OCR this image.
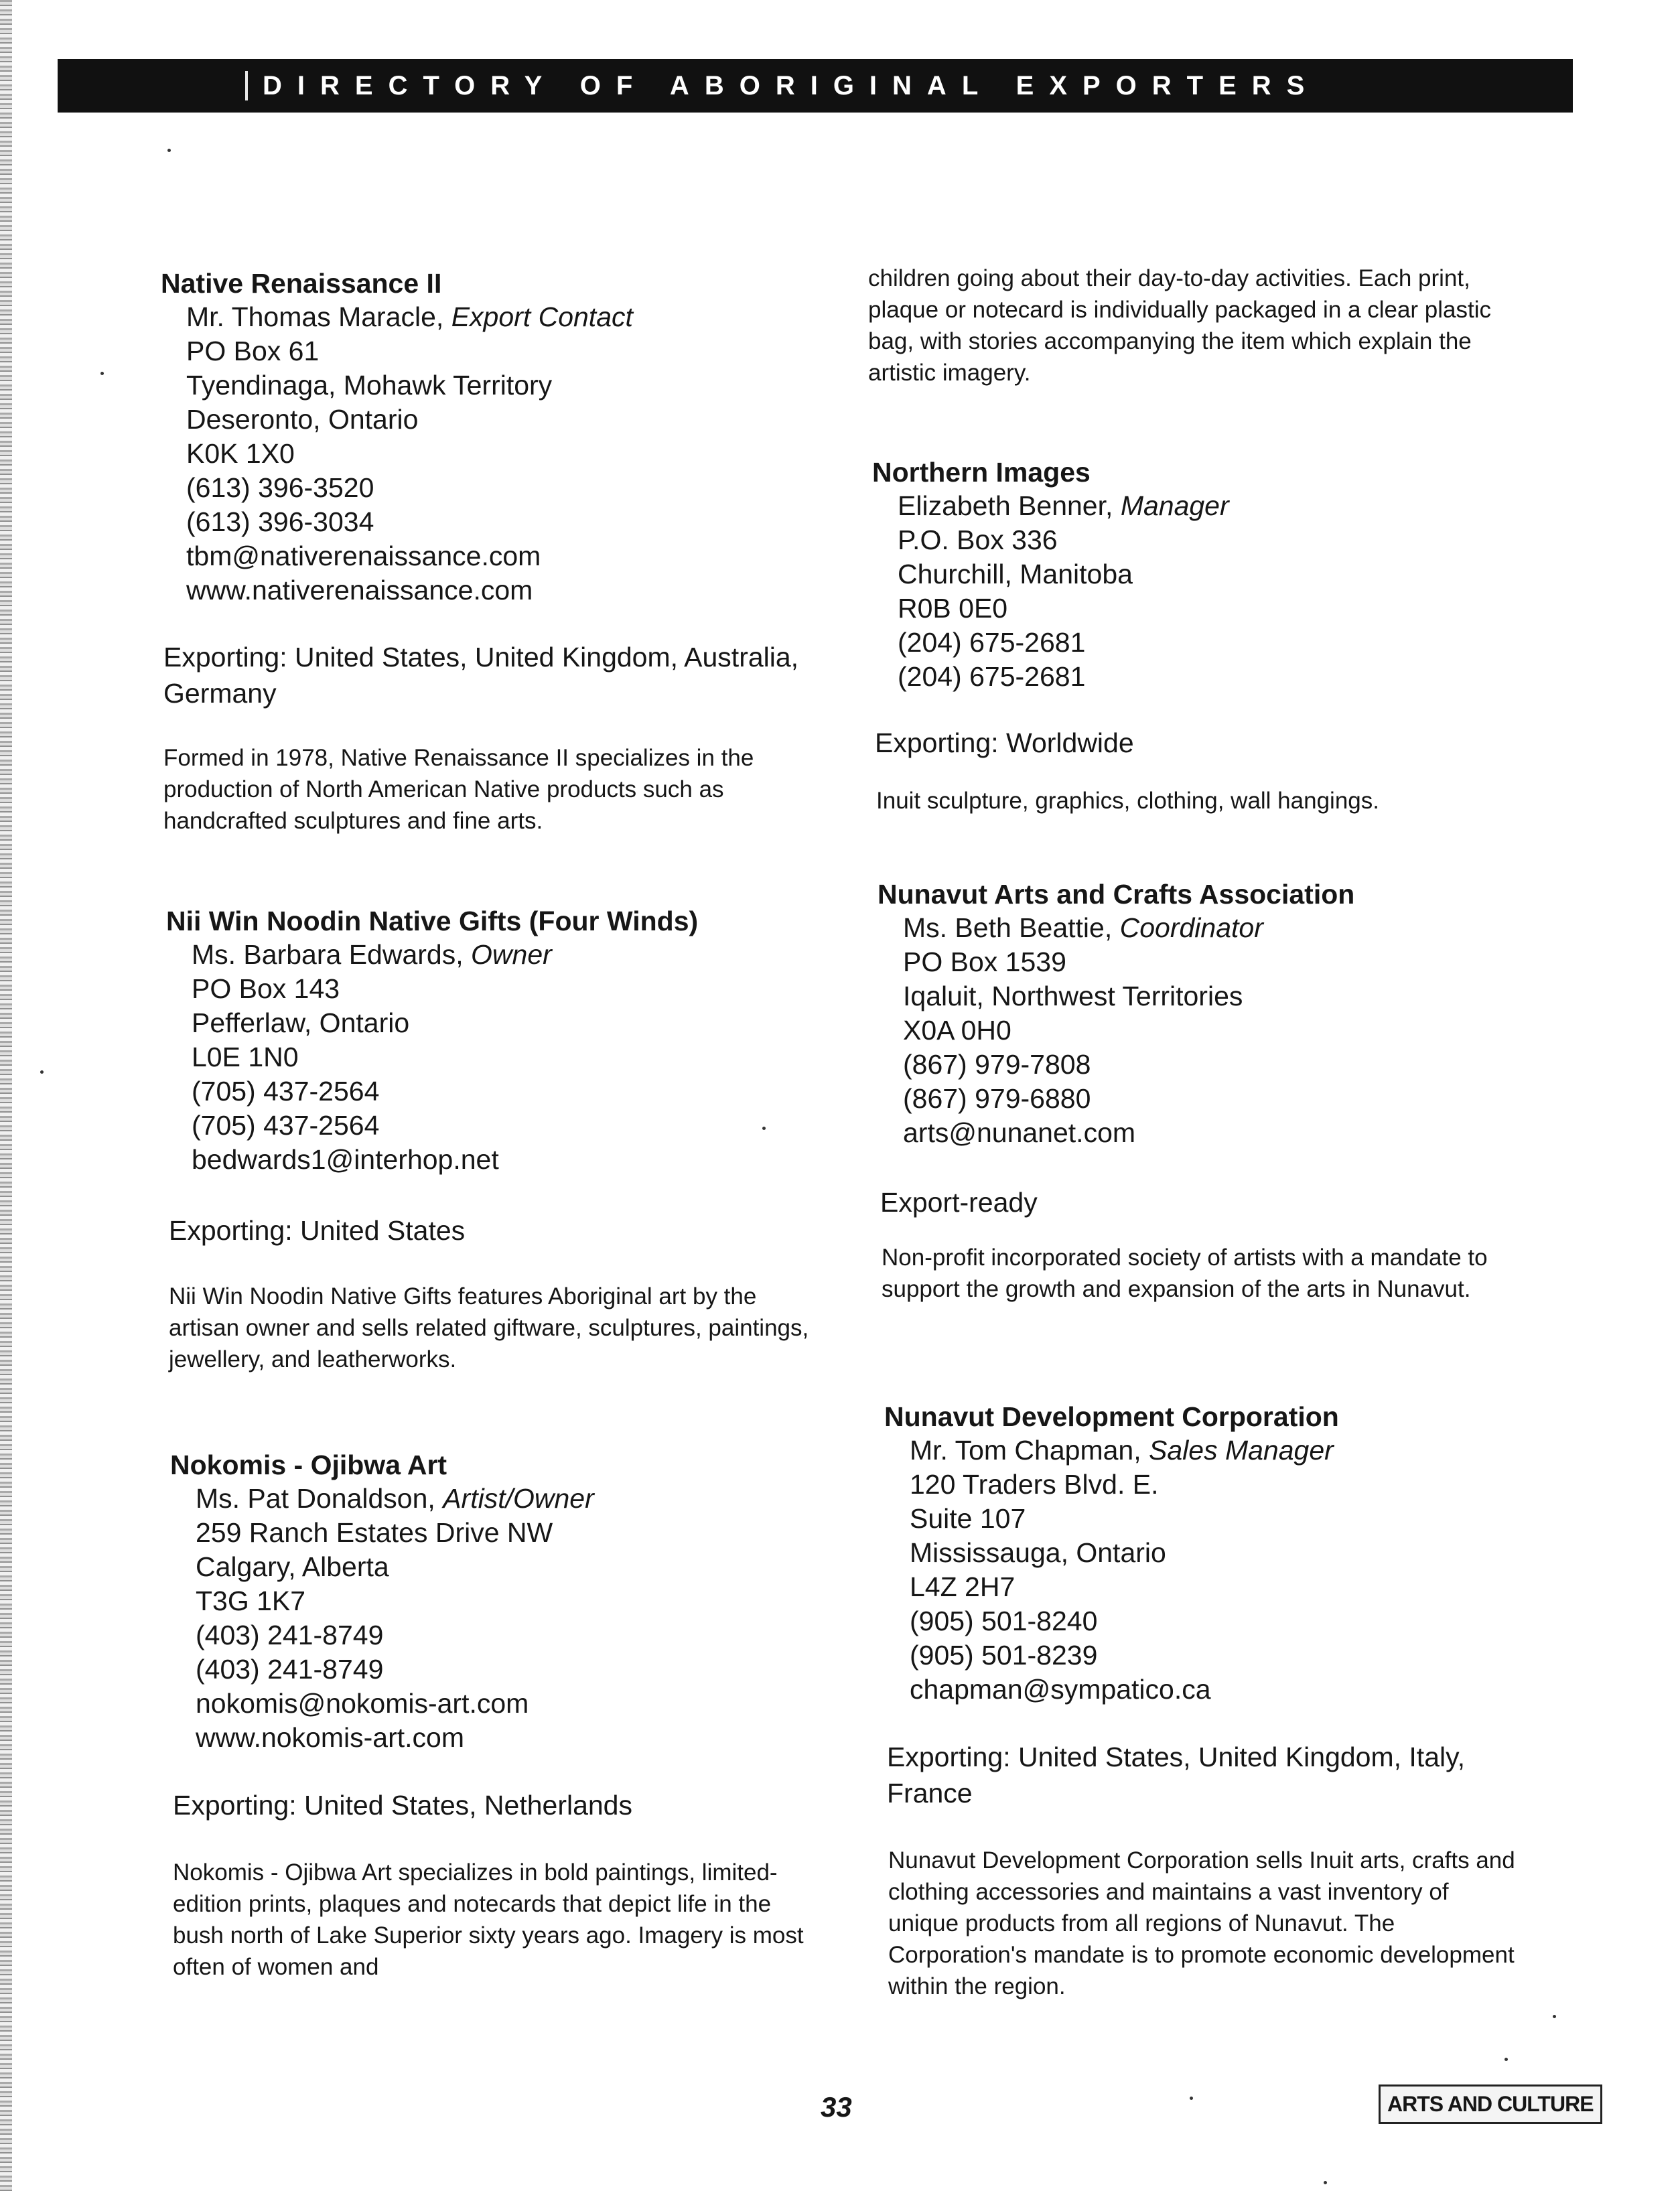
DIRECTORY OF ABORIGINAL EXPORTERS
Native Renaissance II
Mr. Thomas Maracle, Export Contact
PO Box 61
Tyendinaga, Mohawk Territory
Deseronto, Ontario
K0K 1X0
(613) 396-3520
(613) 396-3034
tbm@nativerenaissance.com
www.nativerenaissance.com
Exporting: United States, United Kingdom, Australia, Germany
Formed in 1978, Native Renaissance II specializes in the production of North American Native products such as handcrafted sculptures and fine arts.
Nii Win Noodin Native Gifts (Four Winds)
Ms. Barbara Edwards, Owner
PO Box 143
Pefferlaw, Ontario
L0E 1N0
(705) 437-2564
(705) 437-2564
bedwards1@interhop.net
Exporting: United States
Nii Win Noodin Native Gifts features Aboriginal art by the artisan owner and sells related giftware, sculptures, paintings, jewellery, and leatherworks.
Nokomis - Ojibwa Art
Ms. Pat Donaldson, Artist/Owner
259 Ranch Estates Drive NW
Calgary, Alberta
T3G 1K7
(403) 241-8749
(403) 241-8749
nokomis@nokomis-art.com
www.nokomis-art.com
Exporting: United States, Netherlands
Nokomis - Ojibwa Art specializes in bold paintings, limited-edition prints, plaques and notecards that depict life in the bush north of Lake Superior sixty years ago. Imagery is most often of women and
children going about their day-to-day activities. Each print, plaque or notecard is individually packaged in a clear plastic bag, with stories accompanying the item which explain the artistic imagery.
Northern Images
Elizabeth Benner, Manager
P.O. Box 336
Churchill, Manitoba
R0B 0E0
(204) 675-2681
(204) 675-2681
Exporting: Worldwide
Inuit sculpture, graphics, clothing, wall hangings.
Nunavut Arts and Crafts Association
Ms. Beth Beattie, Coordinator
PO Box 1539
Iqaluit, Northwest Territories
X0A 0H0
(867) 979-7808
(867) 979-6880
arts@nunanet.com
Export-ready
Non-profit incorporated society of artists with a mandate to support the growth and expansion of the arts in Nunavut.
Nunavut Development Corporation
Mr. Tom Chapman, Sales Manager
120 Traders Blvd. E.
Suite 107
Mississauga, Ontario
L4Z 2H7
(905) 501-8240
(905) 501-8239
chapman@sympatico.ca
Exporting: United States, United Kingdom, Italy, France
Nunavut Development Corporation sells Inuit arts, crafts and clothing accessories and maintains a vast inventory of unique products from all regions of Nunavut. The Corporation's mandate is to promote economic development within the region.
33	ARTS AND CULTURE
